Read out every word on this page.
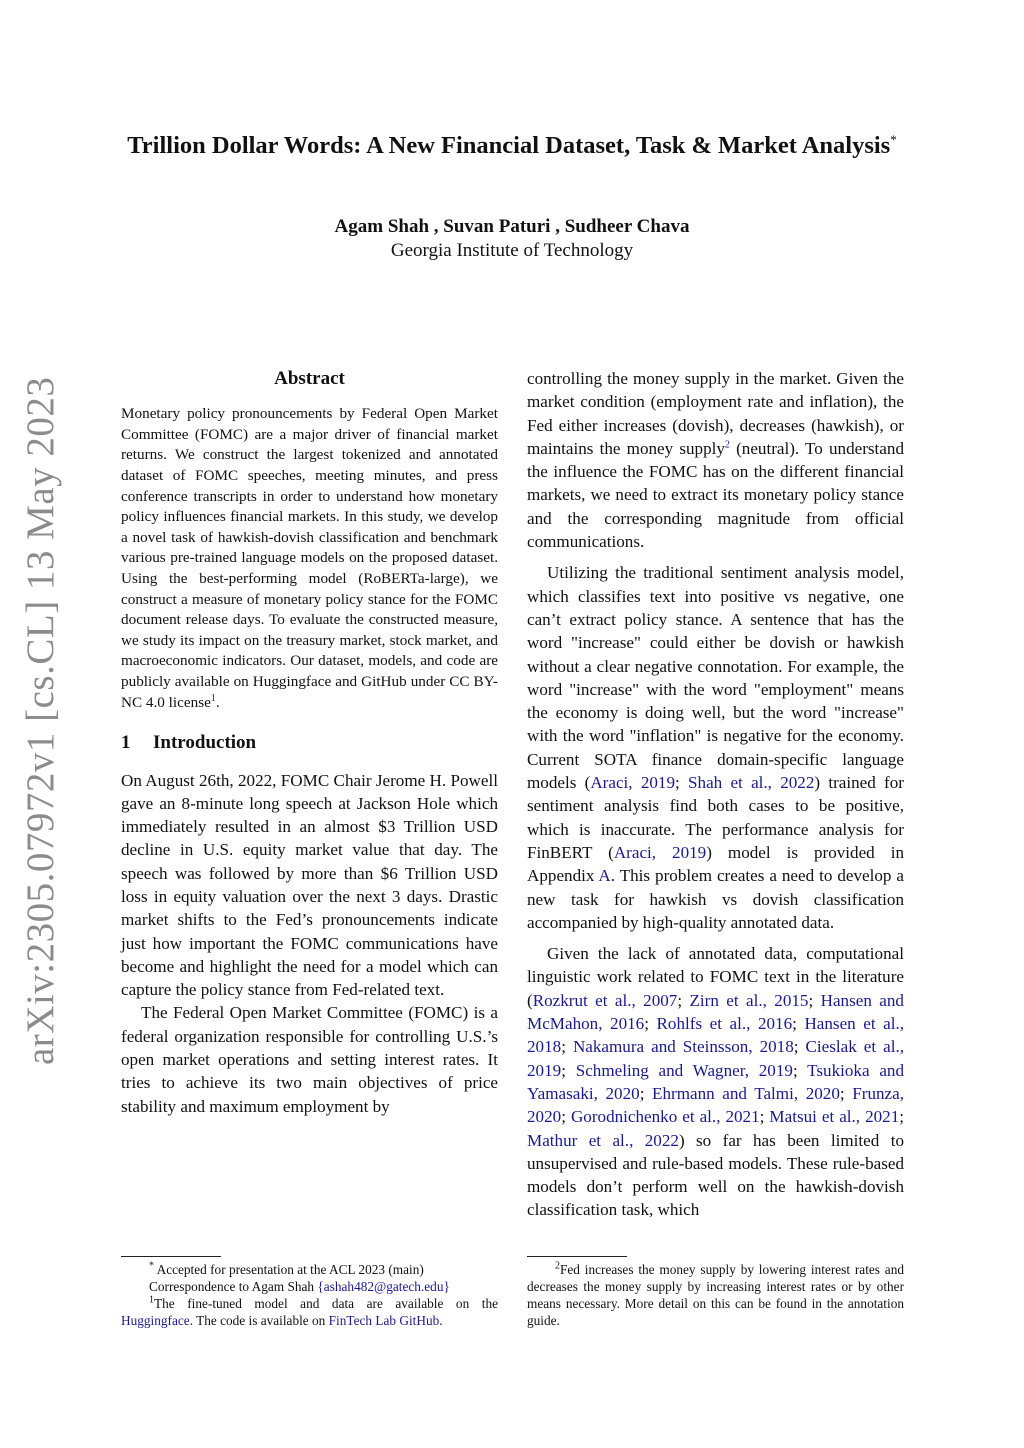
arXiv:2305.07972v1 [cs.CL] 13 May 2023
Trillion Dollar Words: A New Financial Dataset, Task & Market Analysis*
Agam Shah , Suvan Paturi , Sudheer Chava
Georgia Institute of Technology
Abstract

Monetary policy pronouncements by Federal Open Market Committee (FOMC) are a major driver of financial market returns. We construct the largest tokenized and annotated dataset of FOMC speeches, meeting minutes, and press conference transcripts in order to understand how monetary policy influences financial markets. In this study, we develop a novel task of hawkish-dovish classification and benchmark various pre-trained language models on the proposed dataset. Using the best-performing model (RoBERTa-large), we construct a measure of monetary policy stance for the FOMC document release days. To evaluate the constructed measure, we study its impact on the treasury market, stock market, and macroeconomic indicators. Our dataset, models, and code are publicly available on Huggingface and GitHub under CC BY-NC 4.0 license$^1$.

1 Introduction

On August 26th, 2022, FOMC Chair Jerome H. Powell gave an 8-minute long speech at Jackson Hole which immediately resulted in an almost $3 Trillion USD decline in U.S. equity market value that day. The speech was followed by more than $6 Trillion USD loss in equity valuation over the next 3 days. Drastic market shifts to the Fed’s pronouncements indicate just how important the FOMC communications have become and highlight the need for a model which can capture the policy stance from Fed-related text.

The Federal Open Market Committee (FOMC) is a federal organization responsible for controlling U.S.’s open market operations and setting interest rates. It tries to achieve its two main objectives of price stability and maximum employment by

controlling the money supply in the market. Given the market condition (employment rate and inflation), the Fed either increases (dovish), decreases (hawkish), or maintains the money supply$^2$ (neutral). To understand the influence the FOMC has on the different financial markets, we need to extract its monetary policy stance and the corresponding magnitude from official communications.

Utilizing the traditional sentiment analysis model, which classifies text into positive vs negative, one can’t extract policy stance. A sentence that has the word "increase" could either be dovish or hawkish without a clear negative connotation. For example, the word "increase" with the word "employment" means the economy is doing well, but the word "increase" with the word "inflation" is negative for the economy. Current SOTA finance domain-specific language models (Araci, 2019; Shah et al., 2022) trained for sentiment analysis find both cases to be positive, which is inaccurate. The performance analysis for FinBERT (Araci, 2019) model is provided in Appendix A. This problem creates a need to develop a new task for hawkish vs dovish classification accompanied by high-quality annotated data.

Given the lack of annotated data, computational linguistic work related to FOMC text in the literature (Rozkrut et al., 2007; Zirn et al., 2015; Hansen and McMahon, 2016; Rohlfs et al., 2016; Hansen et al., 2018; Nakamura and Steinsson, 2018; Cieslak et al., 2019; Schmeling and Wagner, 2019; Tsukioka and Yamasaki, 2020; Ehrmann and Talmi, 2020; Frunza, 2020; Gorodnichenko et al., 2021; Matsui et al., 2021; Mathur et al., 2022) so far has been limited to unsupervised and rule-based models. These rule-based models don’t perform well on the hawkish-dovish classification task, which

* Accepted for presentation at the ACL 2023 (main)

Correspondence to Agam Shah {ashah482@gatech.edu}

$^1$The fine-tuned model and data are available on the Huggingface. The code is available on FinTech Lab GitHub.

$^2$Fed increases the money supply by lowering interest rates and decreases the money supply by increasing interest rates or by other means necessary. More detail on this can be found in the annotation guide.
